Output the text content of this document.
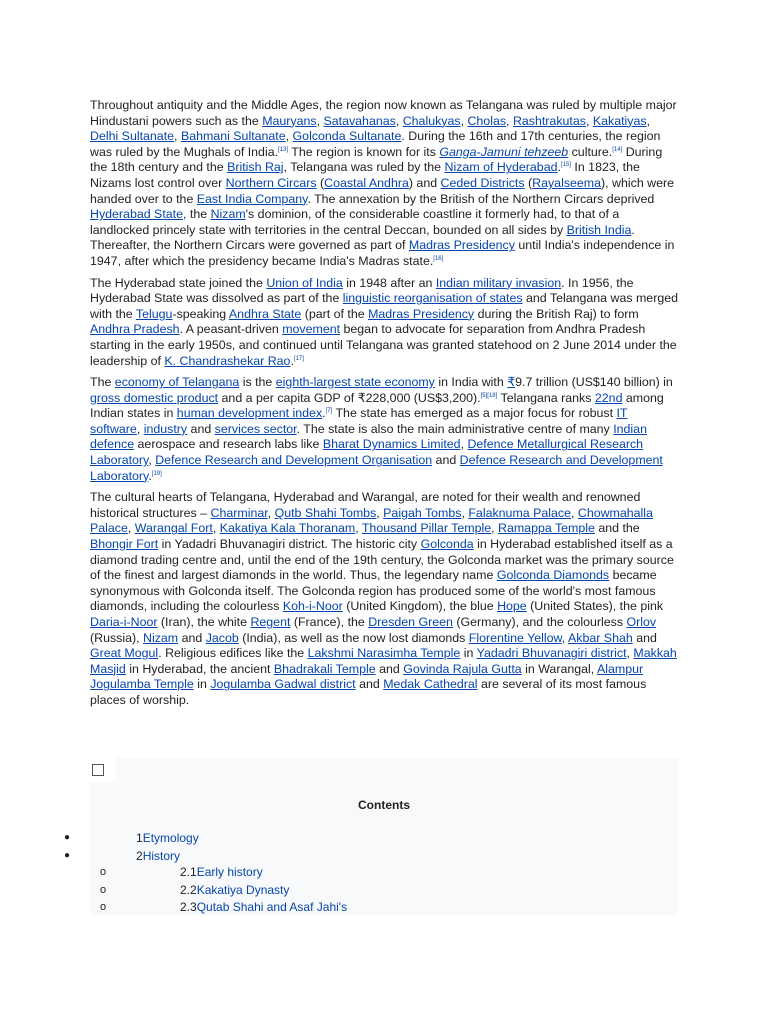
Throughout antiquity and the Middle Ages, the region now known as Telangana was ruled by multiple major Hindustani powers such as the Mauryans, Satavahanas, Chalukyas, Cholas, Rashtrakutas, Kakatiyas, Delhi Sultanate, Bahmani Sultanate, Golconda Sultanate. During the 16th and 17th centuries, the region was ruled by the Mughals of India.[13] The region is known for its Ganga-Jamuni tehzeeb culture.[14] During the 18th century and the British Raj, Telangana was ruled by the Nizam of Hyderabad.[15] In 1823, the Nizams lost control over Northern Circars (Coastal Andhra) and Ceded Districts (Rayalseema), which were handed over to the East India Company. The annexation by the British of the Northern Circars deprived Hyderabad State, the Nizam's dominion, of the considerable coastline it formerly had, to that of a landlocked princely state with territories in the central Deccan, bounded on all sides by British India. Thereafter, the Northern Circars were governed as part of Madras Presidency until India's independence in 1947, after which the presidency became India's Madras state.[16]

The Hyderabad state joined the Union of India in 1948 after an Indian military invasion. In 1956, the Hyderabad State was dissolved as part of the linguistic reorganisation of states and Telangana was merged with the Telugu-speaking Andhra State (part of the Madras Presidency during the British Raj) to form Andhra Pradesh. A peasant-driven movement began to advocate for separation from Andhra Pradesh starting in the early 1950s, and continued until Telangana was granted statehood on 2 June 2014 under the leadership of K. Chandrashekar Rao.[17]

The economy of Telangana is the eighth-largest state economy in India with ₹9.7 trillion (US$140 billion) in gross domestic product and a per capita GDP of ₹228,000 (US$3,200).[5][18] Telangana ranks 22nd among Indian states in human development index.[7] The state has emerged as a major focus for robust IT software, industry and services sector. The state is also the main administrative centre of many Indian defence aerospace and research labs like Bharat Dynamics Limited, Defence Metallurgical Research Laboratory, Defence Research and Development Organisation and Defence Research and Development Laboratory.[19]

The cultural hearts of Telangana, Hyderabad and Warangal, are noted for their wealth and renowned historical structures – Charminar, Qutb Shahi Tombs, Paigah Tombs, Falaknuma Palace, Chowmahalla Palace, Warangal Fort, Kakatiya Kala Thoranam, Thousand Pillar Temple, Ramappa Temple and the Bhongir Fort in Yadadri Bhuvanagiri district. The historic city Golconda in Hyderabad established itself as a diamond trading centre and, until the end of the 19th century, the Golconda market was the primary source of the finest and largest diamonds in the world. Thus, the legendary name Golconda Diamonds became synonymous with Golconda itself. The Golconda region has produced some of the world's most famous diamonds, including the colourless Koh-i-Noor (United Kingdom), the blue Hope (United States), the pink Daria-i-Noor (Iran), the white Regent (France), the Dresden Green (Germany), and the colourless Orlov (Russia), Nizam and Jacob (India), as well as the now lost diamonds Florentine Yellow, Akbar Shah and Great Mogul. Religious edifices like the Lakshmi Narasimha Temple in Yadadri Bhuvanagiri district, Makkah Masjid in Hyderabad, the ancient Bhadrakali Temple and Govinda Rajula Gutta in Warangal, Alampur Jogulamba Temple in Jogulamba Gadwal district and Medak Cathedral are several of its most famous places of worship.

Contents
●	1Etymology
●	2History
o	2.1Early history
o	2.2Kakatiya Dynasty
o	2.3Qutab Shahi and Asaf Jahi's
